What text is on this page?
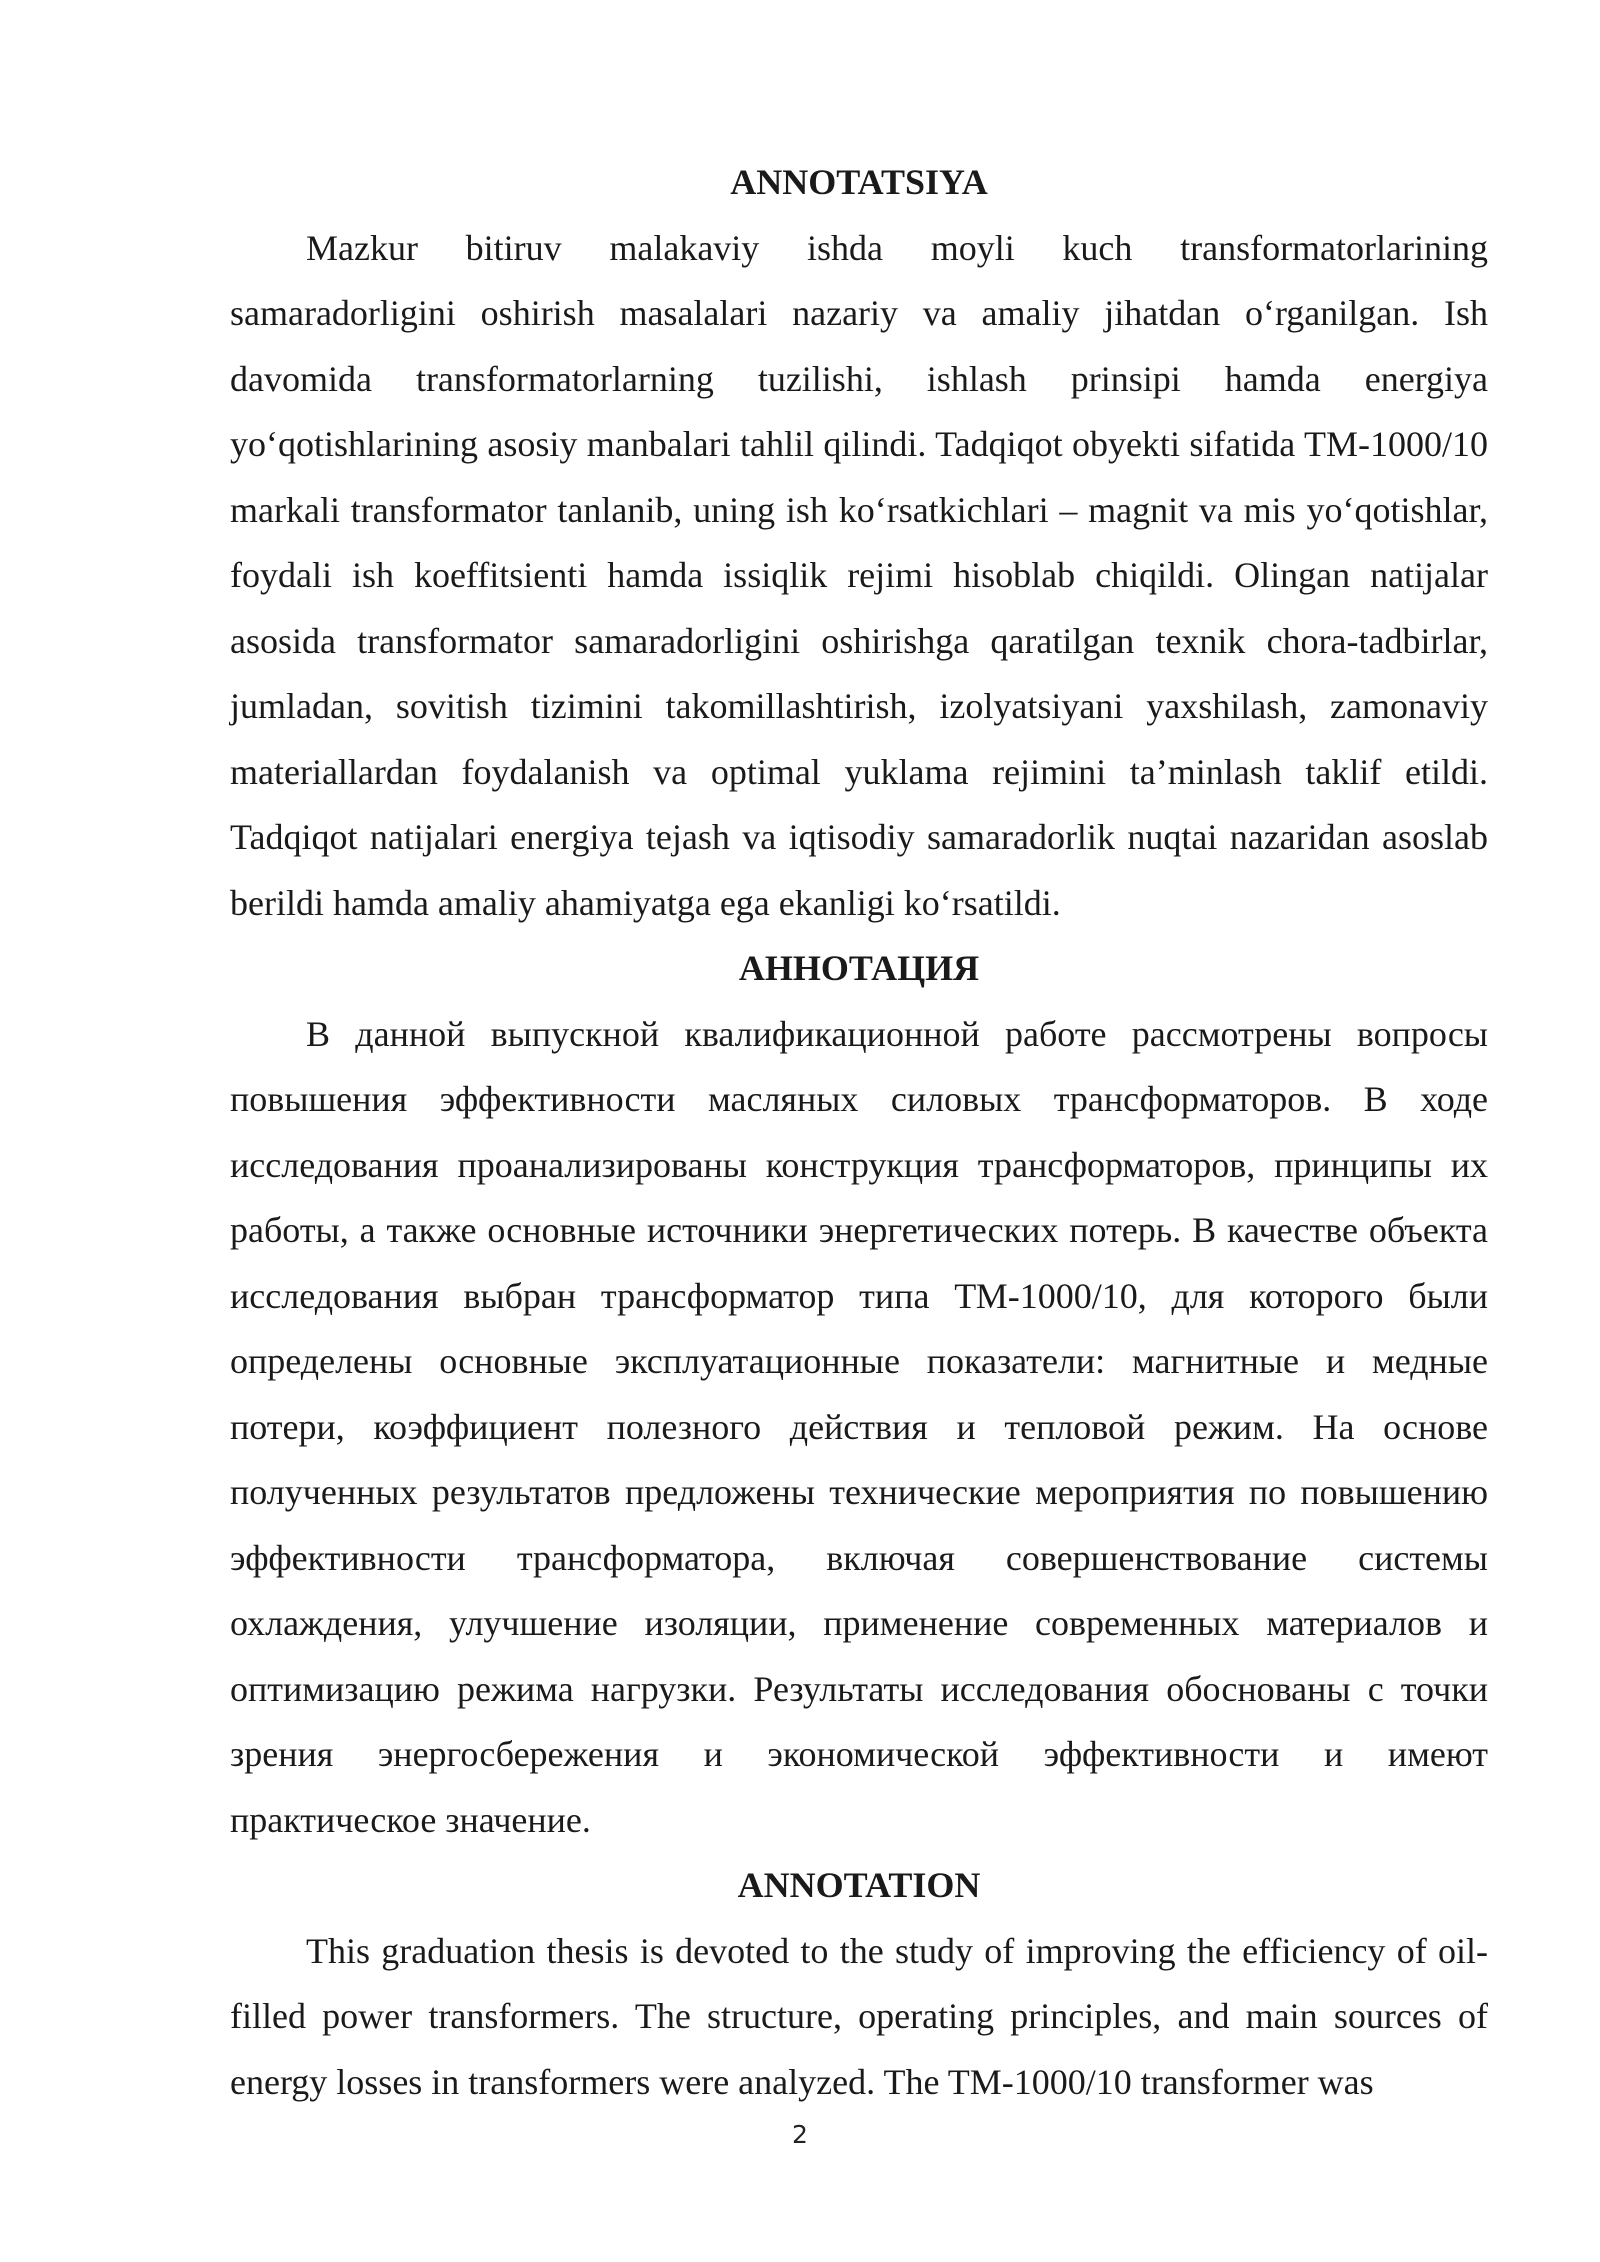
ANNOTATSIYA

Mazkur bitiruv malakaviy ishda moyli kuch transformatorlarining samaradorligini oshirish masalalari nazariy va amaliy jihatdan o‘rganilgan. Ish davomida transformatorlarning tuzilishi, ishlash prinsipi hamda energiya yo‘qotishlarining asosiy manbalari tahlil qilindi. Tadqiqot obyekti sifatida TM-1000/10 markali transformator tanlanib, uning ish ko‘rsatkichlari – magnit va mis yo‘qotishlar, foydali ish koeffitsienti hamda issiqlik rejimi hisoblab chiqildi. Olingan natijalar asosida transformator samaradorligini oshirishga qaratilgan texnik chora-tadbirlar, jumladan, sovitish tizimini takomillashtirish, izolyatsiyani yaxshilash, zamonaviy materiallardan foydalanish va optimal yuklama rejimini ta’minlash taklif etildi. Tadqiqot natijalari energiya tejash va iqtisodiy samaradorlik nuqtai nazaridan asoslab berildi hamda amaliy ahamiyatga ega ekanligi ko‘rsatildi.

АННОТАЦИЯ

В данной выпускной квалификационной работе рассмотрены вопросы повышения эффективности масляных силовых трансформаторов. В ходе исследования проанализированы конструкция трансформаторов, принципы их работы, а также основные источники энергетических потерь. В качестве объекта исследования выбран трансформатор типа ТМ-1000/10, для которого были определены основные эксплуатационные показатели: магнитные и медные потери, коэффициент полезного действия и тепловой режим. На основе полученных результатов предложены технические мероприятия по повышению эффективности трансформатора, включая совершенствование системы охлаждения, улучшение изоляции, применение современных материалов и оптимизацию режима нагрузки. Результаты исследования обоснованы с точки зрения энергосбережения и экономической эффективности и имеют практическое значение.

ANNOTATION

This graduation thesis is devoted to the study of improving the efficiency of oil-filled power transformers. The structure, operating principles, and main sources of energy losses in transformers were analyzed. The TM-1000/10 transformer was

2
